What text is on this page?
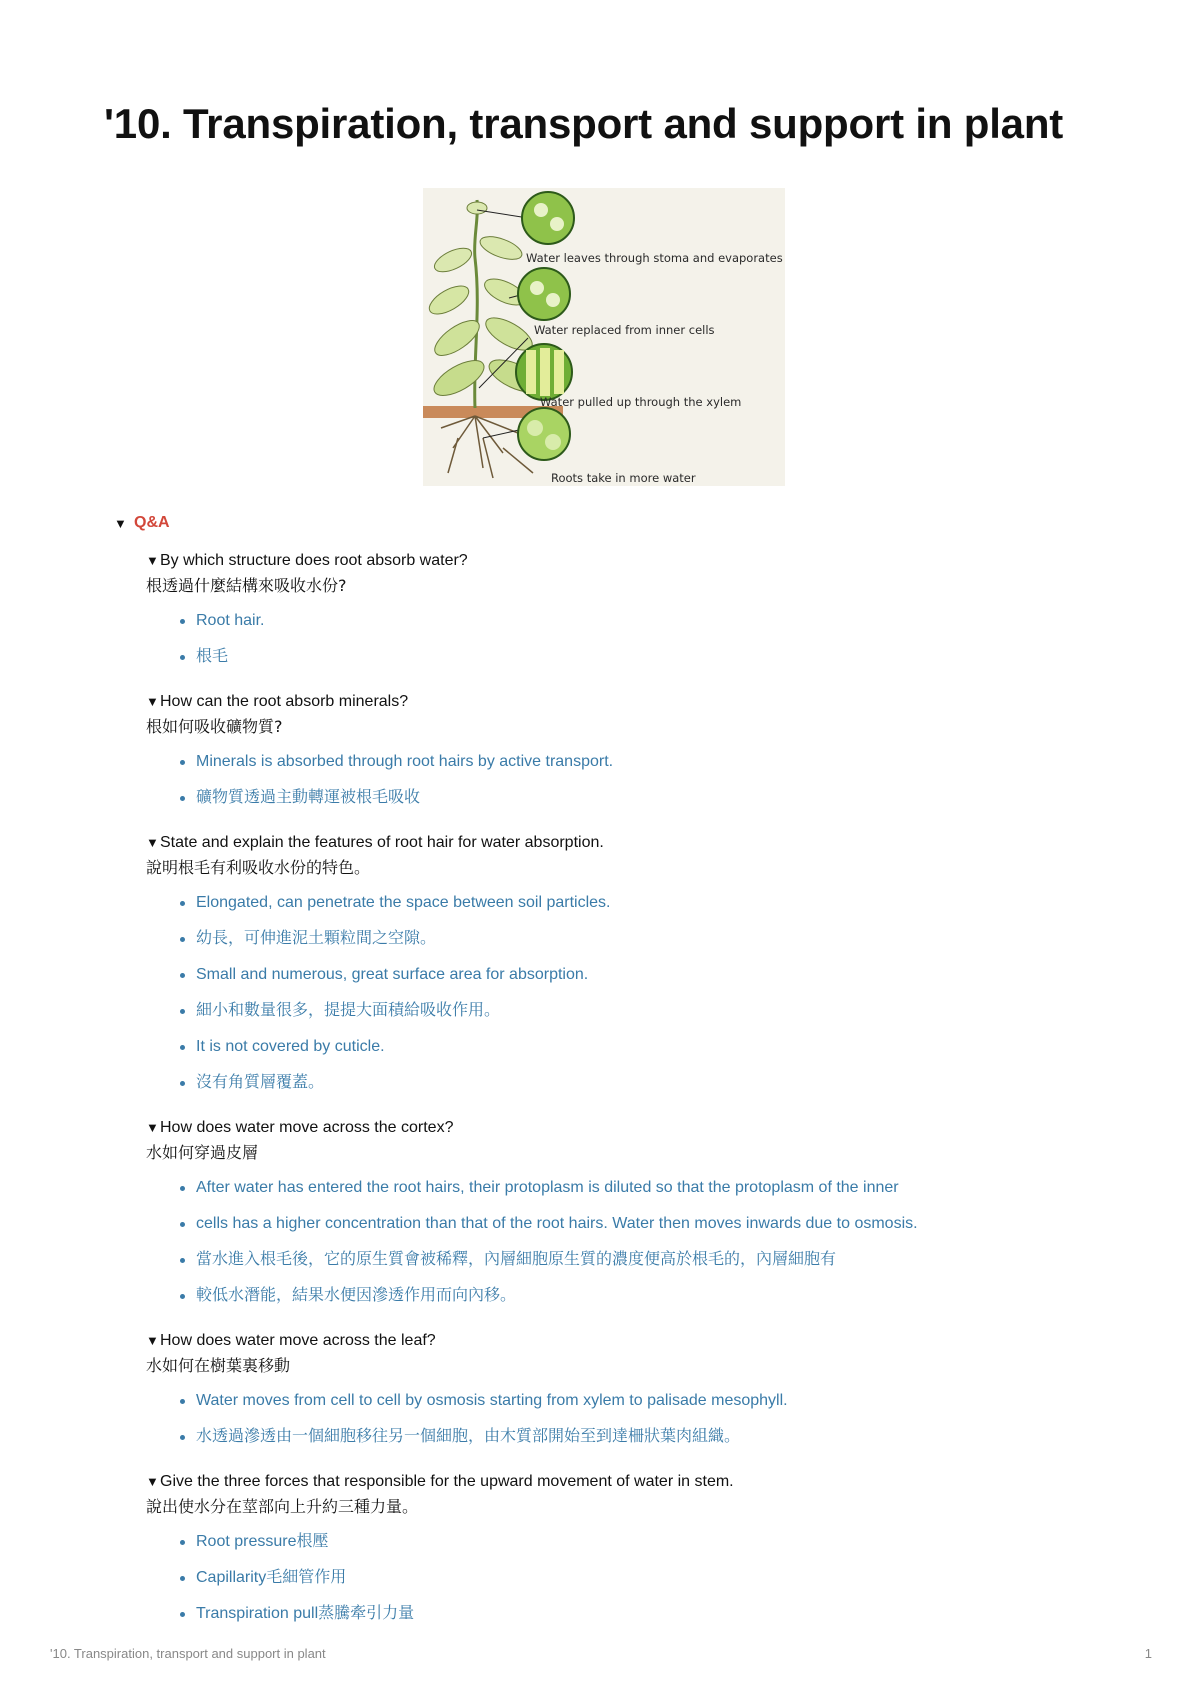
'10. Transpiration, transport and support in plant
Water leaves through stoma and evaporates
Water replaced from inner cells
Water pulled up through the xylem
Roots take in more water
▼ Q&A
▼ By which structure does root absorb water?
根透過什麼結構來吸收水份?
Root hair.
根毛
▼ How can the root absorb minerals?
根如何吸收礦物質?
Minerals is absorbed through root hairs by active transport.
礦物質透過主動轉運被根毛吸收
▼ State and explain the features of root hair for water absorption.
說明根毛有利吸收水份的特色。
Elongated, can penetrate the space between soil particles.
幼長，可伸進泥土顆粒間之空隙。
Small and numerous, great surface area for absorption.
細小和數量很多，提提大面積給吸收作用。
It is not covered by cuticle.
沒有角質層覆蓋。
▼ How does water move across the cortex?
水如何穿過皮層
After water has entered the root hairs, their protoplasm is diluted so that the protoplasm of the inner
cells has a higher concentration than that of the root hairs. Water then moves inwards due to osmosis.
當水進入根毛後，它的原生質會被稀釋，內層細胞原生質的濃度便高於根毛的，內層細胞有
較低水潛能，結果水便因滲透作用而向內移。
▼ How does water move across the leaf?
水如何在樹葉裏移動
Water moves from cell to cell by osmosis starting from xylem to palisade mesophyll.
水透過滲透由一個細胞移往另一個細胞，由木質部開始至到達柵狀葉肉組織。
▼ Give the three forces that responsible for the upward movement of water in stem.
說出使水分在莖部向上升約三種力量。
Root pressure根壓
Capillarity毛細管作用
Transpiration pull蒸騰牽引力量
'10. Transpiration, transport and support in plant	1
